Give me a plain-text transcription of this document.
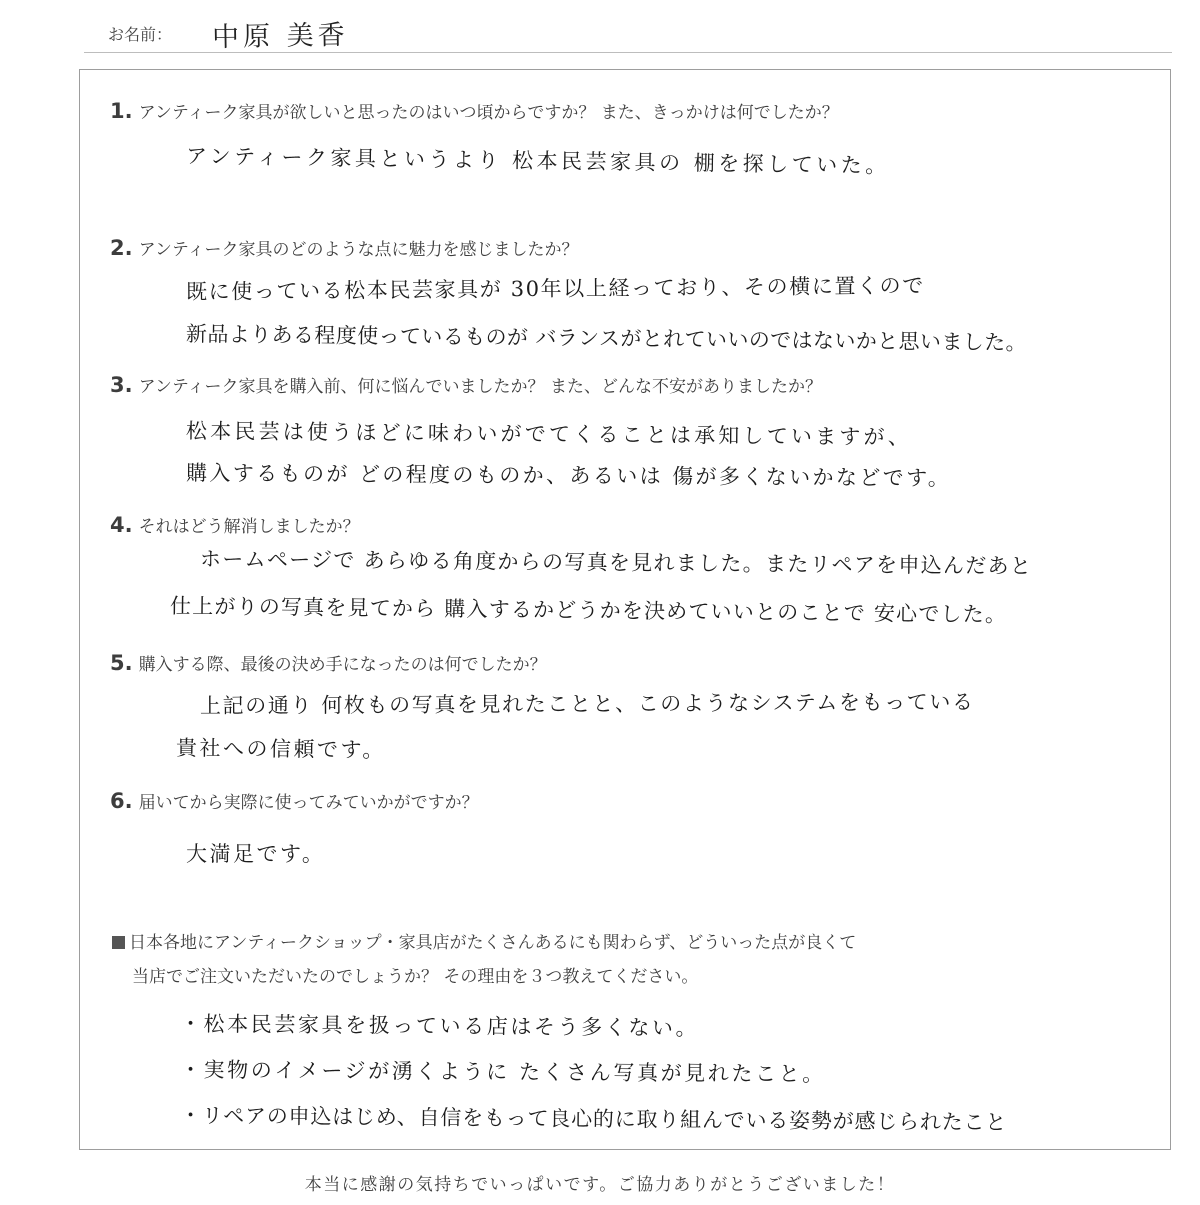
お名前： 中原 美香
1. アンティーク家具が欲しいと思ったのはいつ頃からですか？ また、きっかけは何でしたか？
アンティーク家具というより 松本民芸家具の 棚を探していた。
2. アンティーク家具のどのような点に魅力を感じましたか？
既に使っている松本民芸家具が 30年以上経っており、その横に置くので
新品よりある程度使っているものが バランスがとれていいのではないかと思いました。
3. アンティーク家具を購入前、何に悩んでいましたか？ また、どんな不安がありましたか？
松本民芸は使うほどに味わいがでてくることは承知していますが、
購入するものが どの程度のものか、あるいは 傷が多くないかなどです。
4. それはどう解消しましたか？
ホームページで あらゆる角度からの写真を見れました。またリペアを申込んだあと
仕上がりの写真を見てから 購入するかどうかを決めていいとのことで 安心でした。
5. 購入する際、最後の決め手になったのは何でしたか？
上記の通り 何枚もの写真を見れたことと、このようなシステムをもっている
貴社への信頼です。
6. 届いてから実際に使ってみていかがですか？
大満足です。
日本各地にアンティークショップ・家具店がたくさんあるにも関わらず、どういった点が良くて
当店でご注文いただいたのでしょうか？ その理由を３つ教えてください。
・松本民芸家具を扱っている店はそう多くない。
・実物のイメージが湧くように たくさん写真が見れたこと。
・リペアの申込はじめ、自信をもって良心的に取り組んでいる姿勢が感じられたこと
本当に感謝の気持ちでいっぱいです。ご協力ありがとうございました！
